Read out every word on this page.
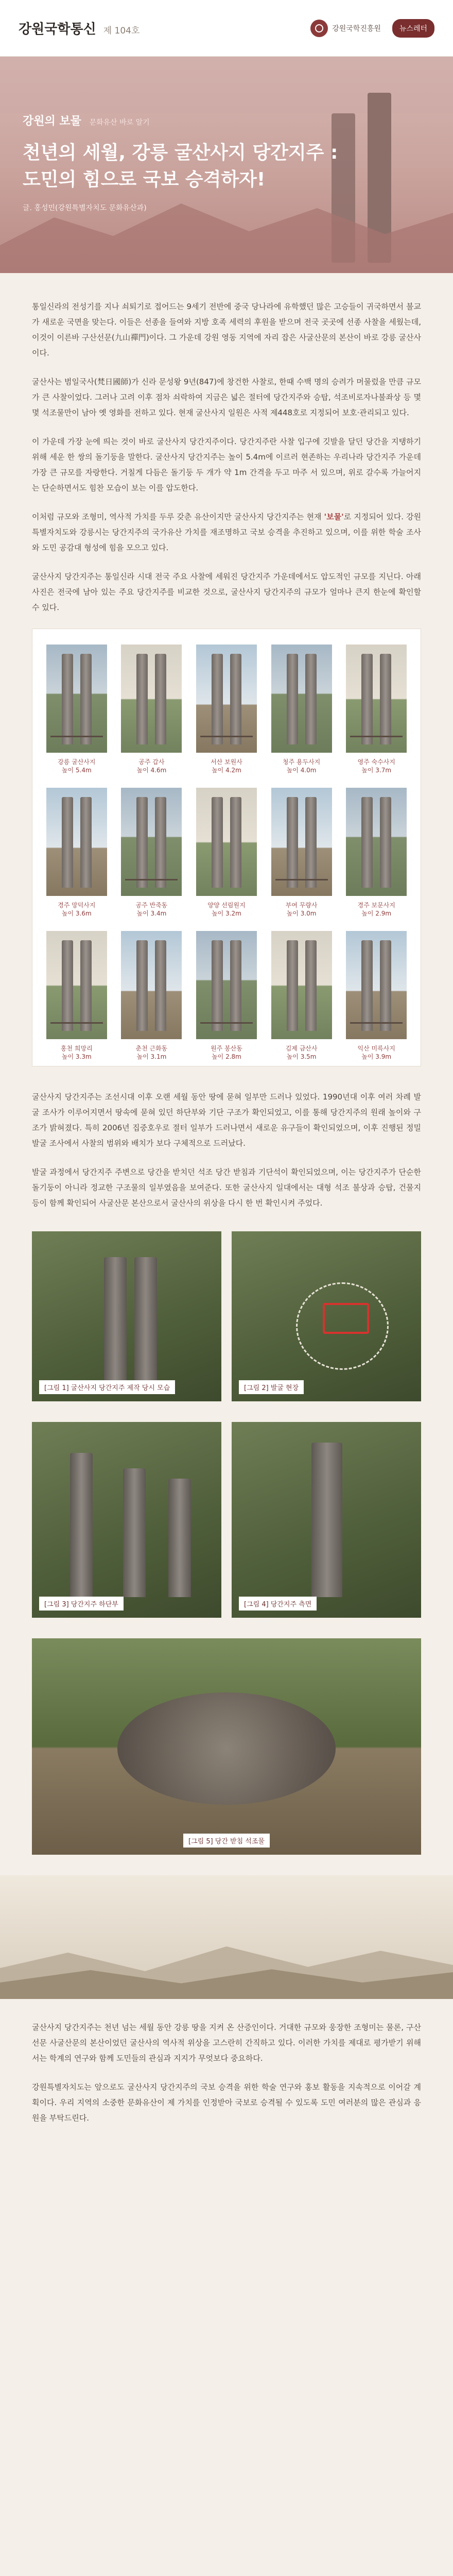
강원국학통신 제 104호	강원국학진흥원	뉴스레터
강원의 보물 문화유산 바로 알기
천년의 세월, 강릉 굴산사지 당간지주 :
도민의 힘으로 국보 승격하자!
글. 홍성민(강원특별자치도 문화유산과)

통일신라의 전성기를 지나 쇠퇴기로 접어드는 9세기 전반에 중국 당나라에 유학했던 많은 고승들이 귀국하면서 불교가 새로운 국면을 맞는다. 이들은 선종을 들여와 지방 호족 세력의 후원을 받으며 전국 곳곳에 선종 사찰을 세웠는데, 이것이 이른바 구산선문(九山禪門)이다. 그 가운데 강원 영동 지역에 자리 잡은 사굴산문의 본산이 바로 강릉 굴산사이다.

굴산사는 범일국사(梵日國師)가 신라 문성왕 9년(847)에 창건한 사찰로, 한때 수백 명의 승려가 머물렀을 만큼 규모가 큰 사찰이었다. 그러나 고려 이후 점차 쇠락하여 지금은 넓은 절터에 당간지주와 승탑, 석조비로자나불좌상 등 몇몇 석조물만이 남아 옛 영화를 전하고 있다. 현재 굴산사지 일원은 사적 제448호로 지정되어 보호·관리되고 있다.

이 가운데 가장 눈에 띄는 것이 바로 굴산사지 당간지주이다. 당간지주란 사찰 입구에 깃발을 달던 당간을 지탱하기 위해 세운 한 쌍의 돌기둥을 말한다. 굴산사지 당간지주는 높이 5.4m에 이르러 현존하는 우리나라 당간지주 가운데 가장 큰 규모를 자랑한다. 거칠게 다듬은 돌기둥 두 개가 약 1m 간격을 두고 마주 서 있으며, 위로 갈수록 가늘어지는 단순하면서도 힘찬 모습이 보는 이를 압도한다.

이처럼 규모와 조형미, 역사적 가치를 두루 갖춘 유산이지만 굴산사지 당간지주는 현재 '보물'로 지정되어 있다. 강원특별자치도와 강릉시는 당간지주의 국가유산 가치를 재조명하고 국보 승격을 추진하고 있으며, 이를 위한 학술 조사와 도민 공감대 형성에 힘을 모으고 있다.

굴산사지 당간지주는 통일신라 시대 전국 주요 사찰에 세워진 당간지주 가운데에서도 압도적인 규모를 지닌다. 아래 사진은 전국에 남아 있는 주요 당간지주를 비교한 것으로, 굴산사지 당간지주의 규모가 얼마나 큰지 한눈에 확인할 수 있다.

강릉 굴산사지
높이 5.4m
공주 갑사
높이 4.6m
서산 보원사
높이 4.2m
청주 용두사지
높이 4.0m
영주 숙수사지
높이 3.7m
경주 망덕사지
높이 3.6m
공주 반죽동
높이 3.4m
양양 선림원지
높이 3.2m
부여 무량사
높이 3.0m
경주 보문사지
높이 2.9m
홍천 희망리
높이 3.3m
춘천 근화동
높이 3.1m
원주 봉산동
높이 2.8m
김제 금산사
높이 3.5m
익산 미륵사지
높이 3.9m

굴산사지 당간지주는 조선시대 이후 오랜 세월 동안 땅에 묻혀 일부만 드러나 있었다. 1990년대 이후 여러 차례 발굴 조사가 이루어지면서 땅속에 묻혀 있던 하단부와 기단 구조가 확인되었고, 이를 통해 당간지주의 원래 높이와 구조가 밝혀졌다. 특히 2006년 집중호우로 절터 일부가 드러나면서 새로운 유구들이 확인되었으며, 이후 진행된 정밀 발굴 조사에서 사찰의 범위와 배치가 보다 구체적으로 드러났다.

발굴 과정에서 당간지주 주변으로 당간을 받치던 석조 당간 받침과 기단석이 확인되었으며, 이는 당간지주가 단순한 돌기둥이 아니라 정교한 구조물의 일부였음을 보여준다. 또한 굴산사지 일대에서는 대형 석조 불상과 승탑, 건물지 등이 함께 확인되어 사굴산문 본산으로서 굴산사의 위상을 다시 한 번 확인시켜 주었다.

[그림 1] 굴산사지 당간지주 제작 당시 모습	[그림 2] 발굴 현장
[그림 3] 당간지주 하단부	[그림 4] 당간지주 측면
[그림 5] 당간 받침 석조물

굴산사지 당간지주는 천년 넘는 세월 동안 강릉 땅을 지켜 온 산증인이다. 거대한 규모와 웅장한 조형미는 물론, 구산선문 사굴산문의 본산이었던 굴산사의 역사적 위상을 고스란히 간직하고 있다. 이러한 가치를 제대로 평가받기 위해서는 학계의 연구와 함께 도민들의 관심과 지지가 무엇보다 중요하다.

강원특별자치도는 앞으로도 굴산사지 당간지주의 국보 승격을 위한 학술 연구와 홍보 활동을 지속적으로 이어갈 계획이다. 우리 지역의 소중한 문화유산이 제 가치를 인정받아 국보로 승격될 수 있도록 도민 여러분의 많은 관심과 응원을 부탁드린다.
